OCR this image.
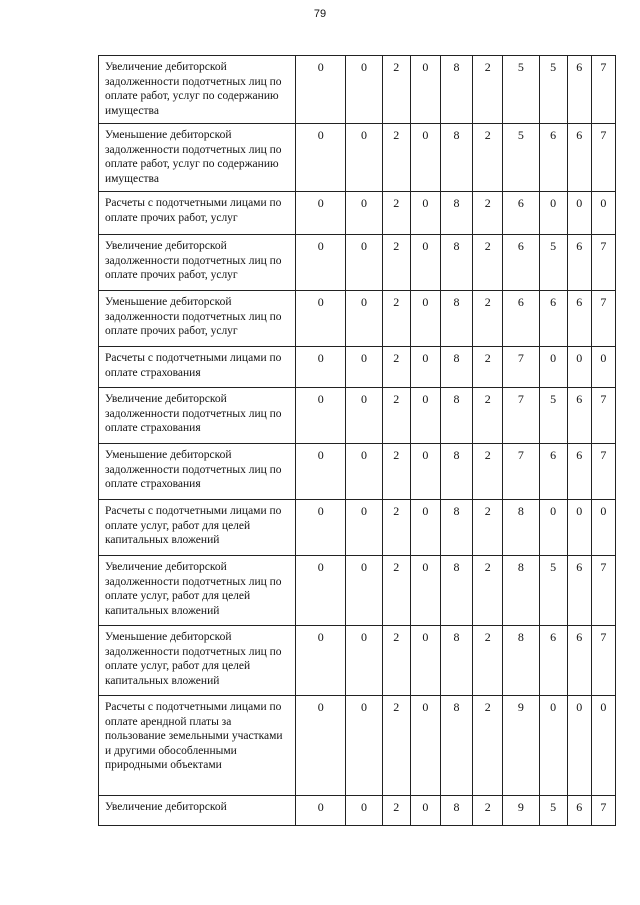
79
Увеличение дебиторской задолженности подотчетных лиц по оплате работ, услуг по содержанию имущества	0	0	2	0	8	2	5	5	6	7
Уменьшение дебиторской задолженности подотчетных лиц по оплате работ, услуг по содержанию имущества	0	0	2	0	8	2	5	6	6	7
Расчеты с подотчетными лицами по оплате прочих работ, услуг	0	0	2	0	8	2	6	0	0	0
Увеличение дебиторской задолженности подотчетных лиц по оплате прочих работ, услуг	0	0	2	0	8	2	6	5	6	7
Уменьшение дебиторской задолженности подотчетных лиц по оплате прочих работ, услуг	0	0	2	0	8	2	6	6	6	7
Расчеты с подотчетными лицами по оплате страхования	0	0	2	0	8	2	7	0	0	0
Увеличение дебиторской задолженности подотчетных лиц по оплате страхования	0	0	2	0	8	2	7	5	6	7
Уменьшение дебиторской задолженности подотчетных лиц по оплате страхования	0	0	2	0	8	2	7	6	6	7
Расчеты с подотчетными лицами по оплате услуг, работ для целей капитальных вложений	0	0	2	0	8	2	8	0	0	0
Увеличение дебиторской задолженности подотчетных лиц по оплате услуг, работ для целей капитальных вложений	0	0	2	0	8	2	8	5	6	7
Уменьшение дебиторской задолженности подотчетных лиц по оплате услуг, работ для целей капитальных вложений	0	0	2	0	8	2	8	6	6	7
Расчеты с подотчетными лицами по оплате арендной платы за пользование земельными участками и другими обособленными природными объектами	0	0	2	0	8	2	9	0	0	0
Увеличение дебиторской	0	0	2	0	8	2	9	5	6	7
